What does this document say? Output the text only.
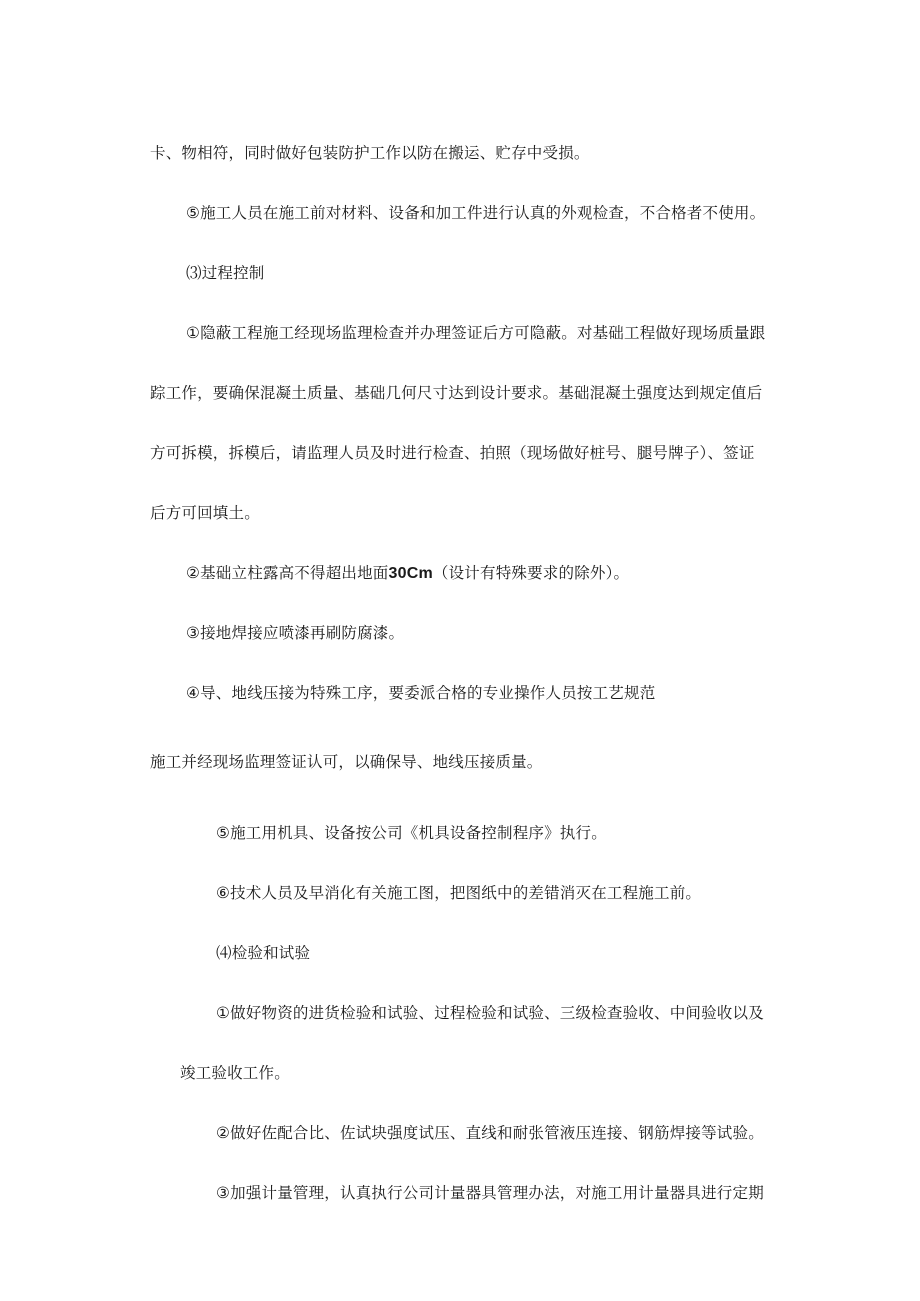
卡、物相符，同时做好包装防护工作以防在搬运、贮存中受损。
⑤施工人员在施工前对材料、设备和加工件进行认真的外观检查，不合格者不使用。
⑶过程控制
①隐蔽工程施工经现场监理检查并办理签证后方可隐蔽。对基础工程做好现场质量跟
踪工作，要确保混凝土质量、基础几何尺寸达到设计要求。基础混凝土强度达到规定值后
方可拆模，拆模后，请监理人员及时进行检查、拍照（现场做好桩号、腿号牌子）、签证
后方可回填土。
②基础立柱露高不得超出地面30Cm（设计有特殊要求的除外）。
③接地焊接应喷漆再刷防腐漆。
④导、地线压接为特殊工序，要委派合格的专业操作人员按工艺规范
施工并经现场监理签证认可，以确保导、地线压接质量。
⑤施工用机具、设备按公司《机具设备控制程序》执行。
⑥技术人员及早消化有关施工图，把图纸中的差错消灭在工程施工前。
⑷检验和试验
①做好物资的进货检验和试验、过程检验和试验、三级检查验收、中间验收以及
竣工验收工作。
②做好佐配合比、佐试块强度试压、直线和耐张管液压连接、钢筋焊接等试验。
③加强计量管理，认真执行公司计量器具管理办法，对施工用计量器具进行定期
